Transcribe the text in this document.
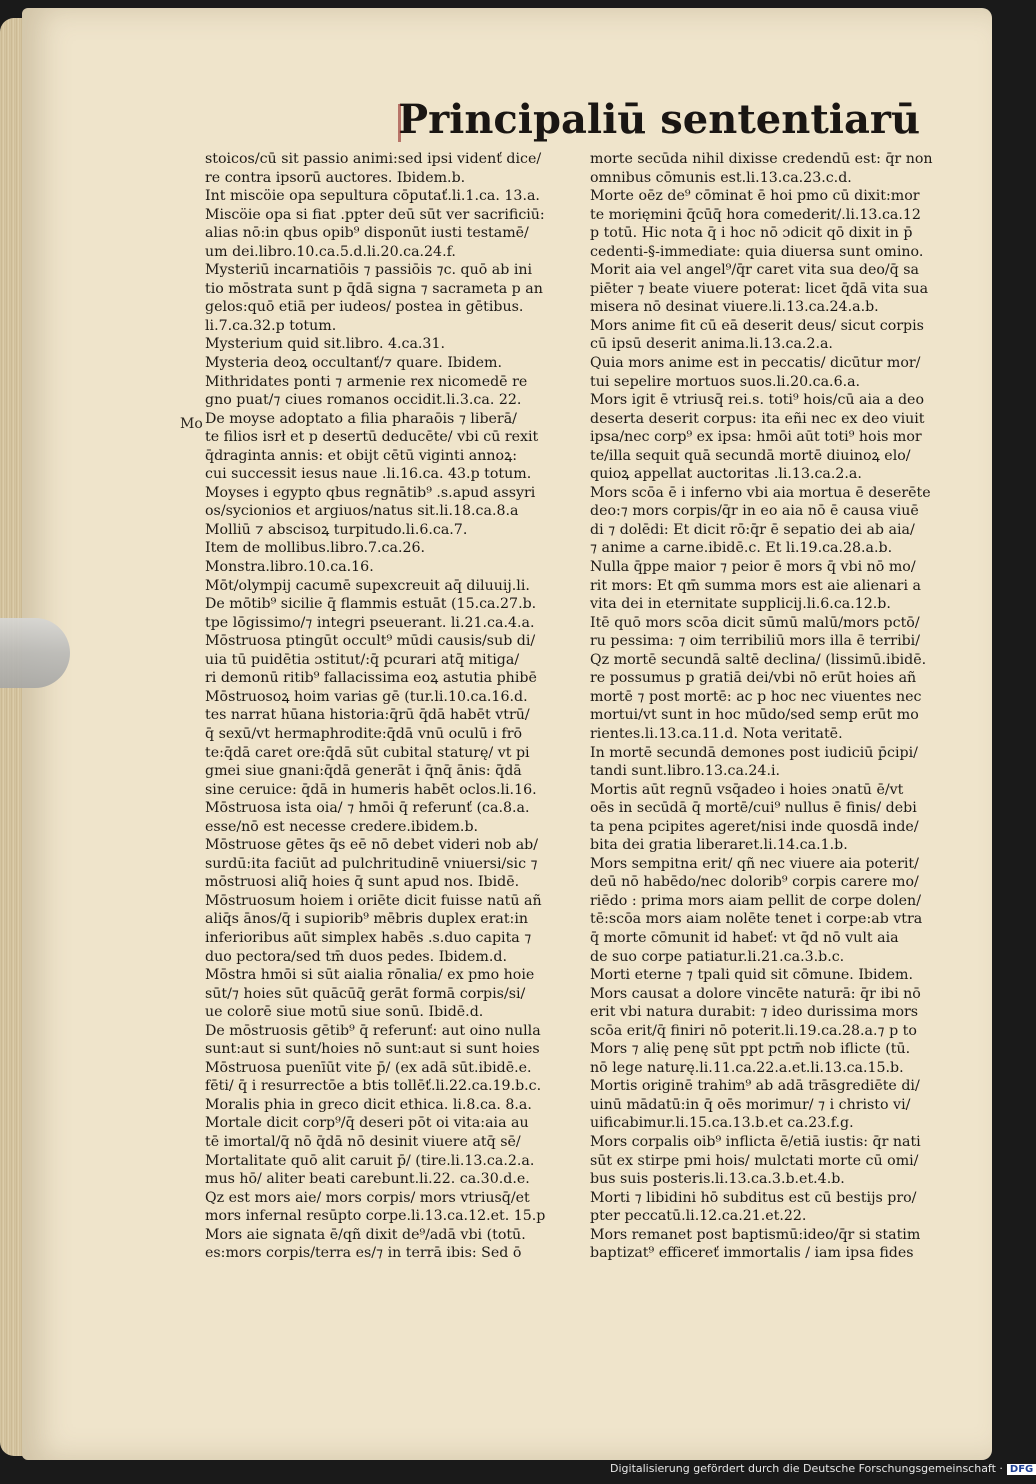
Principaliū sententiarū
Mo
stoicos/cū sit passio animi:sed ipsi videnť dice/
re contra ipsorū auctores. Ibidem.b.
Int miscöie opa sepultura cōputať.li.1.ca. 13.a.
Miscöie opa si fiat .ppter deū sūt ver sacrificiū:
alias nō:in qbus opib⁹ disponūt iusti testamē/
um dei.libro.10.ca.5.d.li.20.ca.24.f.
Mysteriū incarnatiōis ⁊ passiōis ⁊c. quō ab ini
tio mōstrata sunt p q̄dā signa ⁊ sacrameta p an
gelos:quō etiā per iudeos/ postea in gētibus.
li.7.ca.32.p totum.
Mysterium quid sit.libro. 4.ca.31.
Mysteria deoꝝ occultanť/⁊ quare. Ibidem.
Mithridates ponti ⁊ armenie rex nicomedē re
gno puat/⁊ ciues romanos occidit.li.3.ca. 22.
De moyse adoptato a filia pharaōis ⁊ liberā/
te filios isrł et p desertū deducēte/ vbi cū rexit
q̄draginta annis: et obijt cētū viginti annoꝝ:
cui successit iesus naue .li.16.ca. 43.p totum.
Moyses i egypto qbus regnātib⁹ .s.apud assyri
os/sycionios et argiuos/natus sit.li.18.ca.8.a
Molliū ⁊ abscisoꝝ turpitudo.li.6.ca.7.
Item de mollibus.libro.7.ca.26.
Monstra.libro.10.ca.16.
Mōt/olympij cacumē supexcreuit aq̄ diluuij.li.
De mōtib⁹ sicilie q̄ flammis estuāt (15.ca.27.b.
tpe lōgissimo/⁊ integri pseuerant. li.21.ca.4.a.
Mōstruosa ptingūt occult⁹ mūdi causis/sub di/
uia tū puidētia ɔstitut/:q̄ pcurari atq̄ mitiga/
ri demonū ritib⁹ fallacissima eoꝝ astutia phibē
Mōstruosoꝝ hoim varias gē (tur.li.10.ca.16.d.
tes narrat hūana historia:q̄rū q̄dā habēt vtrū/
q̄ sexū/vt hermaphrodite:q̄dā vnū oculū i frō
te:q̄dā caret ore:q̄dā sūt cubital staturę/ vt pi
gmei siue gnani:q̄dā generāt i q̄nq̄ ānis: q̄dā
sine ceruice: q̄dā in humeris habēt oclos.li.16.
Mōstruosa ista oia/ ⁊ hmōi q̄ referunť (ca.8.a.
esse/nō est necesse credere.ibidem.b.
Mōstruose gētes q̄s eē nō debet videri nob ab/
surdū:ita faciūt ad pulchritudinē vniuersi/sic ⁊
mōstruosi aliq̄ hoies q̄ sunt apud nos. Ibidē.
Mōstruosum hoiem i oriēte dicit fuisse natū añ
aliq̄s ānos/q̄ i supiorib⁹ mēbris duplex erat:in
inferioribus aūt simplex habēs .s.duo capita ⁊
duo pectora/sed tm̄ duos pedes. Ibidem.d.
Mōstra hmōi si sūt aialia rōnalia/ ex pmo hoie
sūt/⁊ hoies sūt quācūq̄ gerāt formā corpis/si/
ue colorē siue motū siue sonū. Ibidē.d.
De mōstruosis gētib⁹ q̄ referunť: aut oino nulla
sunt:aut si sunt/hoies nō sunt:aut si sunt hoies
Mōstruosa puenīūt vite p̄/ (ex adā sūt.ibidē.e.
fēti/ q̄ i resurrectōe a btis tollēť.li.22.ca.19.b.c.
Moralis phia in greco dicit ethica. li.8.ca. 8.a.
Mortale dicit corp⁹/q̄ deseri pōt oi vita:aia au
tē imortal/q̄ nō q̄dā nō desinit viuere atq̄ sē/
Mortalitate quō alit caruit p̄/ (tire.li.13.ca.2.a.
mus hō/ aliter beati carebunt.li.22. ca.30.d.e.
Qz est mors aie/ mors corpis/ mors vtriusq̄/et
mors infernal resūpto corpe.li.13.ca.12.et. 15.p
Mors aie signata ē/qñ dixit de⁹/adā vbi (totū.
es:mors corpis/terra es/⁊ in terrā ibis: Sed ō
morte secūda nihil dixisse credendū est: q̄r non
omnibus cōmunis est.li.13.ca.23.c.d.
Morte oēz de⁹ cōminat ē hoi pmo cū dixit:mor
te morięmini q̄cūq̄ hora comederit/.li.13.ca.12
p totū. Hic nota q̄ i hoc nō ɔdicit qō dixit in p̄
cedenti-§-immediate: quia diuersa sunt omino.
Morit aia vel angel⁹/q̄r caret vita sua deo/q̄ sa
piēter ⁊ beate viuere poterat: licet q̄dā vita sua
misera nō desinat viuere.li.13.ca.24.a.b.
Mors anime fit cū eā deserit deus/ sicut corpis
cū ipsū deserit anima.li.13.ca.2.a.
Quia mors anime est in peccatis/ dicūtur mor/
tui sepelire mortuos suos.li.20.ca.6.a.
Mors igit ē vtriusq̄ rei.s. toti⁹ hois/cū aia a deo
deserta deserit corpus: ita eñi nec ex deo viuit
ipsa/nec corp⁹ ex ipsa: hmōi aūt toti⁹ hois mor
te/illa sequit quā secundā mortē diuinoꝝ elo/
quioꝝ appellat auctoritas .li.13.ca.2.a.
Mors scōa ē i inferno vbi aia mortua ē deserēte
deo:⁊ mors corpis/q̄r in eo aia nō ē causa viuē
di ⁊ dolēdi: Et dicit rō:q̄r ē sepatio dei ab aia/
⁊ anime a carne.ibidē.c. Et li.19.ca.28.a.b.
Nulla q̄ppe maior ⁊ peior ē mors q̄ vbi nō mo/
rit mors: Et qm̄ summa mors est aie alienari a
vita dei in eternitate supplicij.li.6.ca.12.b.
Itē quō mors scōa dicit sūmū malū/mors pctō/
ru pessima: ⁊ oim terribiliū mors illa ē terribi/
Qz mortē secundā saltē declina/ (lissimū.ibidē.
re possumus p gratiā dei/vbi nō erūt hoies añ
mortē ⁊ post mortē: ac p hoc nec viuentes nec
mortui/vt sunt in hoc mūdo/sed semp erūt mo
rientes.li.13.ca.11.d. Nota veritatē.
In mortē secundā demones post iudiciū p̄cipi/
tandi sunt.libro.13.ca.24.i.
Mortis aūt regnū vsq̄adeo i hoies ɔnatū ē/vt
oēs in secūdā q̄ mortē/cui⁹ nullus ē finis/ debi
ta pena pcipites ageret/nisi inde quosdā inde/
bita dei gratia liberaret.li.14.ca.1.b.
Mors sempitna erit/ qñ nec viuere aia poterit/
deū nō habēdo/nec dolorib⁹ corpis carere mo/
riēdo : prima mors aiam pellit de corpe dolen/
tē:scōa mors aiam nolēte tenet i corpe:ab vtra
q̄ morte cōmunit id habeť: vt q̄d nō vult aia
de suo corpe patiatur.li.21.ca.3.b.c.
Morti eterne ⁊ tpali quid sit cōmune. Ibidem.
Mors causat a dolore vincēte naturā: q̄r ibi nō
erit vbi natura durabit: ⁊ ideo durissima mors
scōa erit/q̄ finiri nō poterit.li.19.ca.28.a.⁊ p to
Mors ⁊ alię penę sūt ppt pctm̄ nob iflicte (tū.
nō lege naturę.li.11.ca.22.a.et.li.13.ca.15.b.
Mortis originē trahim⁹ ab adā trāsgrediēte di/
uinū mādatū:in q̄ oēs morimur/ ⁊ i christo vi/
uificabimur.li.15.ca.13.b.et ca.23.f.g.
Mors corpalis oib⁹ inflicta ē/etiā iustis: q̄r nati
sūt ex stirpe pmi hois/ mulctati morte cū omi/
bus suis posteris.li.13.ca.3.b.et.4.b.
Morti ⁊ libidini hō subditus est cū bestijs pro/
pter peccatū.li.12.ca.21.et.22.
Mors remanet post baptismū:ideo/q̄r si statim
baptizat⁹ efficereť immortalis / iam ipsa fides
Digitalisierung gefördert durch die Deutsche Forschungsgemeinschaft · DFG
